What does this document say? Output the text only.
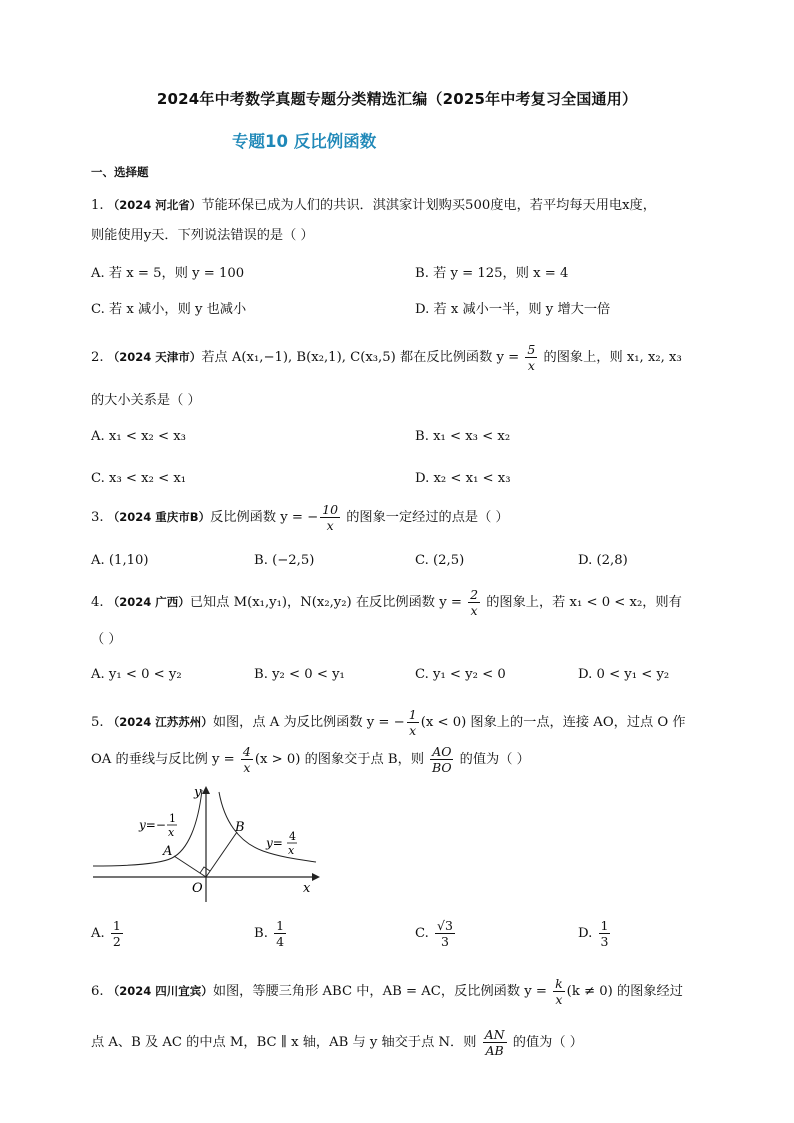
2024年中考数学真题专题分类精选汇编（2025年中考复习全国通用）
专题10 反比例函数
一、选择题
1. （2024 河北省）节能环保已成为人们的共识．淇淇家计划购买500度电，若平均每天用电x度，
则能使用y天．下列说法错误的是（ ）
A. 若 x = 5，则 y = 100	B. 若 y = 125，则 x = 4
C. 若 x 减小，则 y 也减小	D. 若 x 减小一半，则 y 增大一倍
2. （2024 天津市）若点 A(x₁,−1), B(x₂,1), C(x₃,5) 都在反比例函数 $y = \frac{5}{x}$ 的图象上，则 x₁, x₂, x₃
的大小关系是（ ）
A. x₁ < x₂ < x₃	B. x₁ < x₃ < x₂
C. x₃ < x₂ < x₁	D. x₂ < x₁ < x₃
3. （2024 重庆市B）反比例函数 y = − $\frac{10}{x}$ 的图象一定经过的点是（ ）
A. (1,10)	B. (−2,5)	C. (2,5)	D. (2,8)
4. （2024 广西）已知点 M(x₁,y₁)，N(x₂,y₂) 在反比例函数 $y = \frac{2}{x}$ 的图象上，若 x₁ < 0 < x₂，则有
（ ）
A. y₁ < 0 < y₂	B. y₂ < 0 < y₁	C. y₁ < y₂ < 0	D. 0 < y₁ < y₂
5. （2024 江苏苏州）如图，点 A 为反比例函数 y = − $\frac{1}{x} (x < 0)$ 图象上的一点，连接 AO，过点 O 作
OA 的垂线与反比例 $y = \frac{4}{x} (x > 0)$ 的图象交于点 B，则 $\frac{AO}{BO}$ 的值为（ ）
y
x
O
A
B
y=− 1
x
y= 4
x
A. $\frac{1}{2}$	B. $\frac{1}{4}$	C. $\frac{√3}{3}$	D. $\frac{1}{3}$
6. （2024 四川宜宾）如图，等腰三角形 ABC 中，AB = AC，反比例函数 $y = \frac{k}{x} (k \ne 0)$ 的图象经过
点 A、B 及 AC 的中点 M，BC ∥ x 轴，AB 与 y 轴交于点 N．则 $\frac{AN}{AB}$ 的值为（ ）
